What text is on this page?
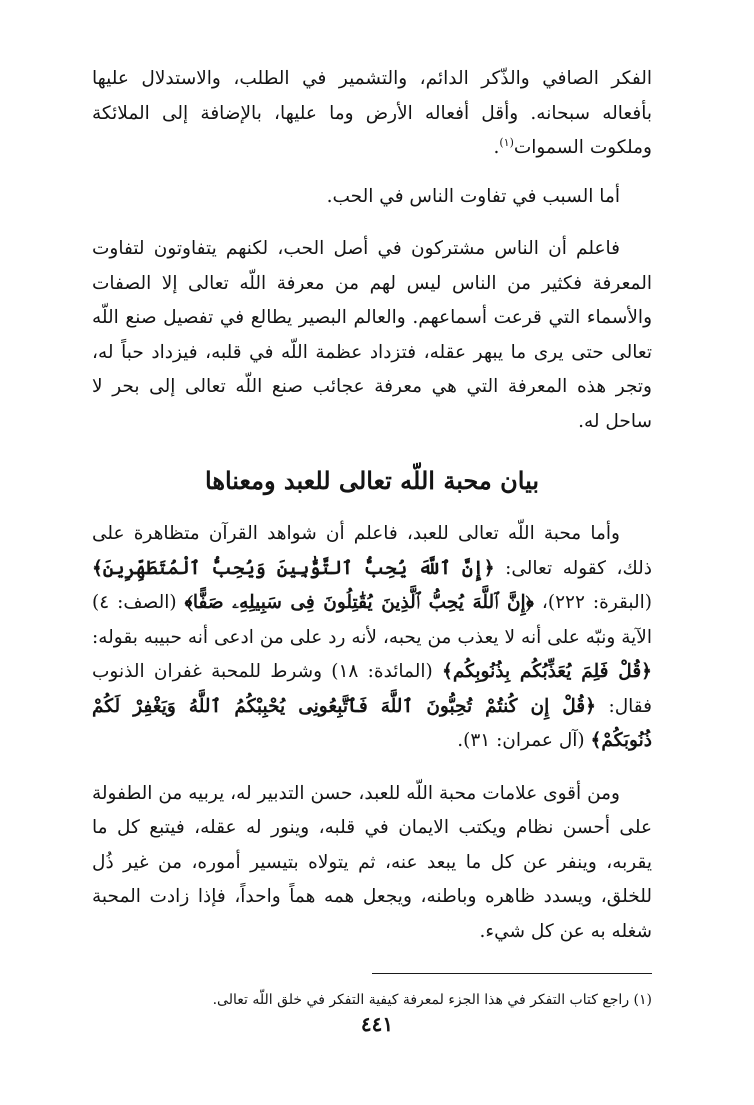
الفكر الصافي والذّكر الدائم، والتشمير في الطلب، والاستدلال عليها بأفعاله سبحانه. وأقل أفعاله الأرض وما عليها، بالإضافة إلى الملائكة وملكوت السموات$^{(١)}$.

أما السبب في تفاوت الناس في الحب.

فاعلم أن الناس مشتركون في أصل الحب، لكنهم يتفاوتون لتفاوت المعرفة فكثير من الناس ليس لهم من معرفة اللّه تعالى إلا الصفات والأسماء التي قرعت أسماعهم. والعالم البصير يطالع في تفصيل صنع اللّه تعالى حتى يرى ما يبهر عقله، فتزداد عظمة اللّه في قلبه، فيزداد حباً له، وتجر هذه المعرفة التي هي معرفة عجائب صنع اللّه تعالى إلى بحر لا ساحل له.

بيان محبة اللّه تعالى للعبد ومعناها

وأما محبة اللّه تعالى للعبد، فاعلم أن شواهد القرآن متظاهرة على ذلك، كقوله تعالى: ﴿إِنَّ ٱللَّهَ يُحِبُّ ٱلتَّوَّٰبِينَ وَيُحِبُّ ٱلْمُتَطَهِّرِينَ﴾ (البقرة: ٢٢٢)، ﴿إِنَّ ٱللَّهَ يُحِبُّ ٱلَّذِينَ يُقَٰتِلُونَ فِى سَبِيلِهِۦ صَفًّا﴾ (الصف: ٤) الآية ونبّه على أنه لا يعذب من يحبه، لأنه رد على من ادعى أنه حبيبه بقوله: ﴿قُلْ فَلِمَ يُعَذِّبُكُم بِذُنُوبِكُم﴾ (المائدة: ١٨) وشرط للمحبة غفران الذنوب فقال: ﴿قُلْ إِن كُنتُمْ تُحِبُّونَ ٱللَّهَ فَٱتَّبِعُونِى يُحْبِبْكُمُ ٱللَّهُ وَيَغْفِرْ لَكُمْ ذُنُوبَكُمْ﴾ (آل عمران: ٣١).

ومن أقوى علامات محبة اللّه للعبد، حسن التدبير له، يربيه من الطفولة على أحسن نظام ويكتب الايمان في قلبه، وينور له عقله، فيتبع كل ما يقربه، وينفر عن كل ما يبعد عنه، ثم يتولاه بتيسير أموره، من غير ذُل للخلق، ويسدد ظاهره وباطنه، ويجعل همه هماً واحداً، فإذا زادت المحبة شغله به عن كل شيء.

(١) راجع كتاب التفكر في هذا الجزء لمعرفة كيفية التفكر في خلق اللّه تعالى.

٤٤١
